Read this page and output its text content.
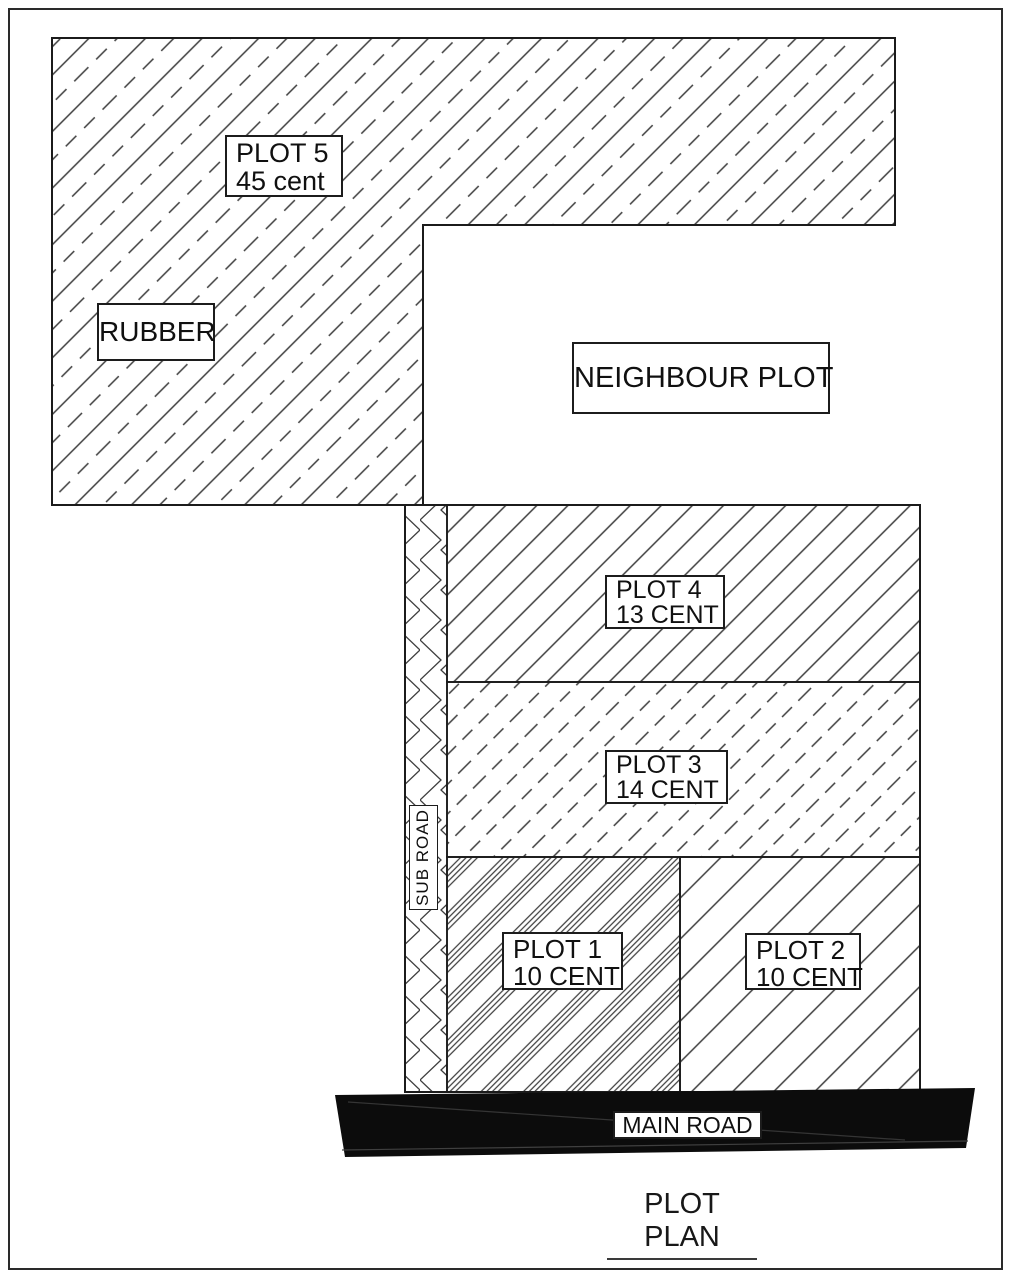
PLOT 5
45 cent
RUBBER
NEIGHBOUR PLOT
PLOT 4
13 CENT
PLOT 3
14 CENT
PLOT 1
10 CENT
PLOT 2
10 CENT
SUB ROAD
MAIN ROAD
PLOT PLAN
